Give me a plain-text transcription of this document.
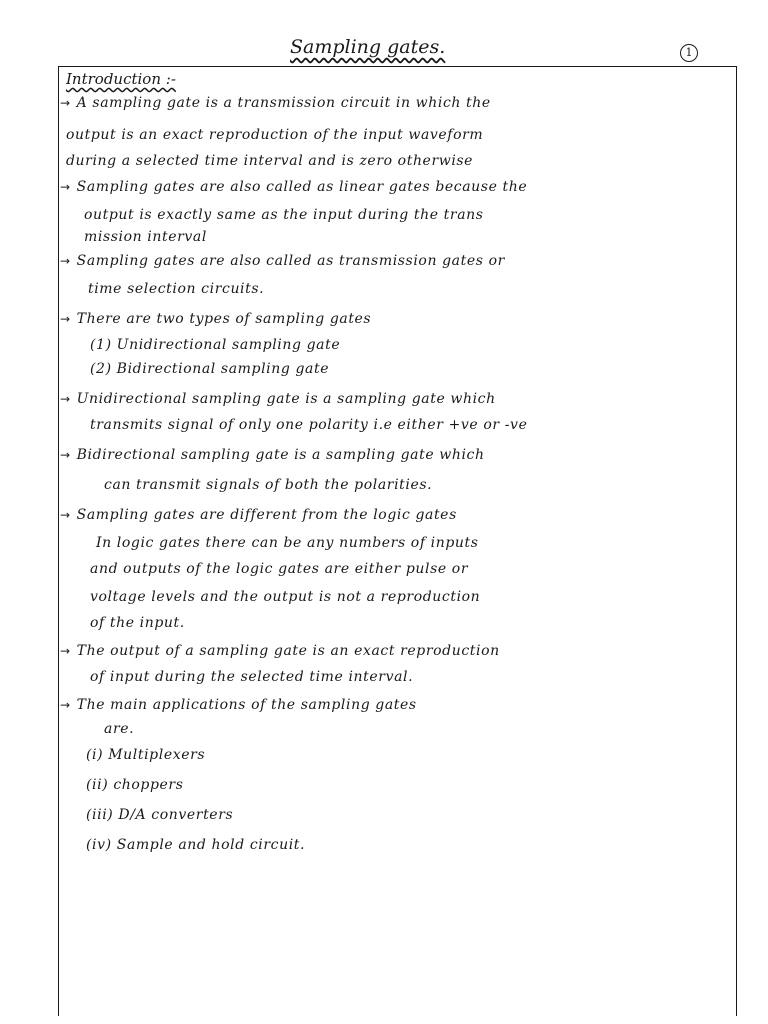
Sampling gates.	1
Introduction :-
→ A sampling gate is a transmission circuit in which the
output is an exact reproduction of the input waveform
during a selected time interval and is zero otherwise
→ Sampling gates are also called as linear gates because the
output is exactly same as the input during the trans
mission interval
→ Sampling gates are also called as transmission gates or
time selection circuits.
→ There are two types of sampling gates
(1) Unidirectional sampling gate
(2) Bidirectional sampling gate
→ Unidirectional sampling gate is a sampling gate which
transmits signal of only one polarity i.e either +ve or -ve
→ Bidirectional sampling gate is a sampling gate which
can transmit signals of both the polarities.
→ Sampling gates are different from the logic gates
In logic gates there can be any numbers of inputs
and outputs of the logic gates are either pulse or
voltage levels and the output is not a reproduction
of the input.
→ The output of a sampling gate is an exact reproduction
of input during the selected time interval.
→ The main applications of the sampling gates
are.
(i) Multiplexers
(ii) choppers
(iii) D/A converters
(iv) Sample and hold circuit.
